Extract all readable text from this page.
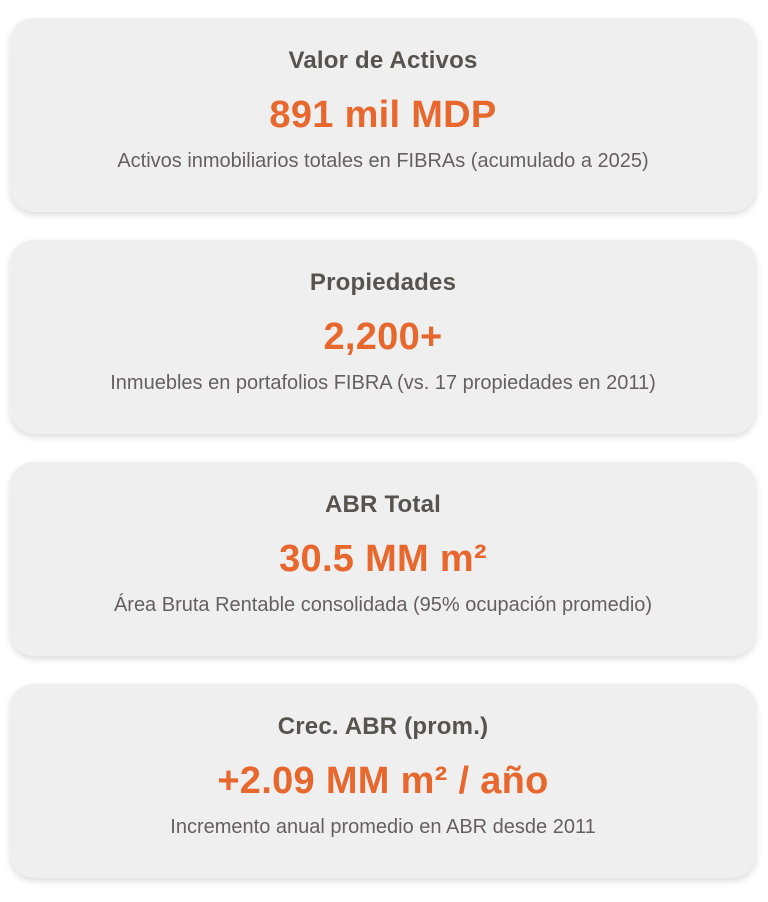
Valor de Activos
891 mil MDP
Activos inmobiliarios totales en FIBRAs (acumulado a 2025)
Propiedades
2,200+
Inmuebles en portafolios FIBRA (vs. 17 propiedades en 2011)
ABR Total
30.5 MM m²
Área Bruta Rentable consolidada (95% ocupación promedio)
Crec. ABR (prom.)
+2.09 MM m² / año
Incremento anual promedio en ABR desde 2011
